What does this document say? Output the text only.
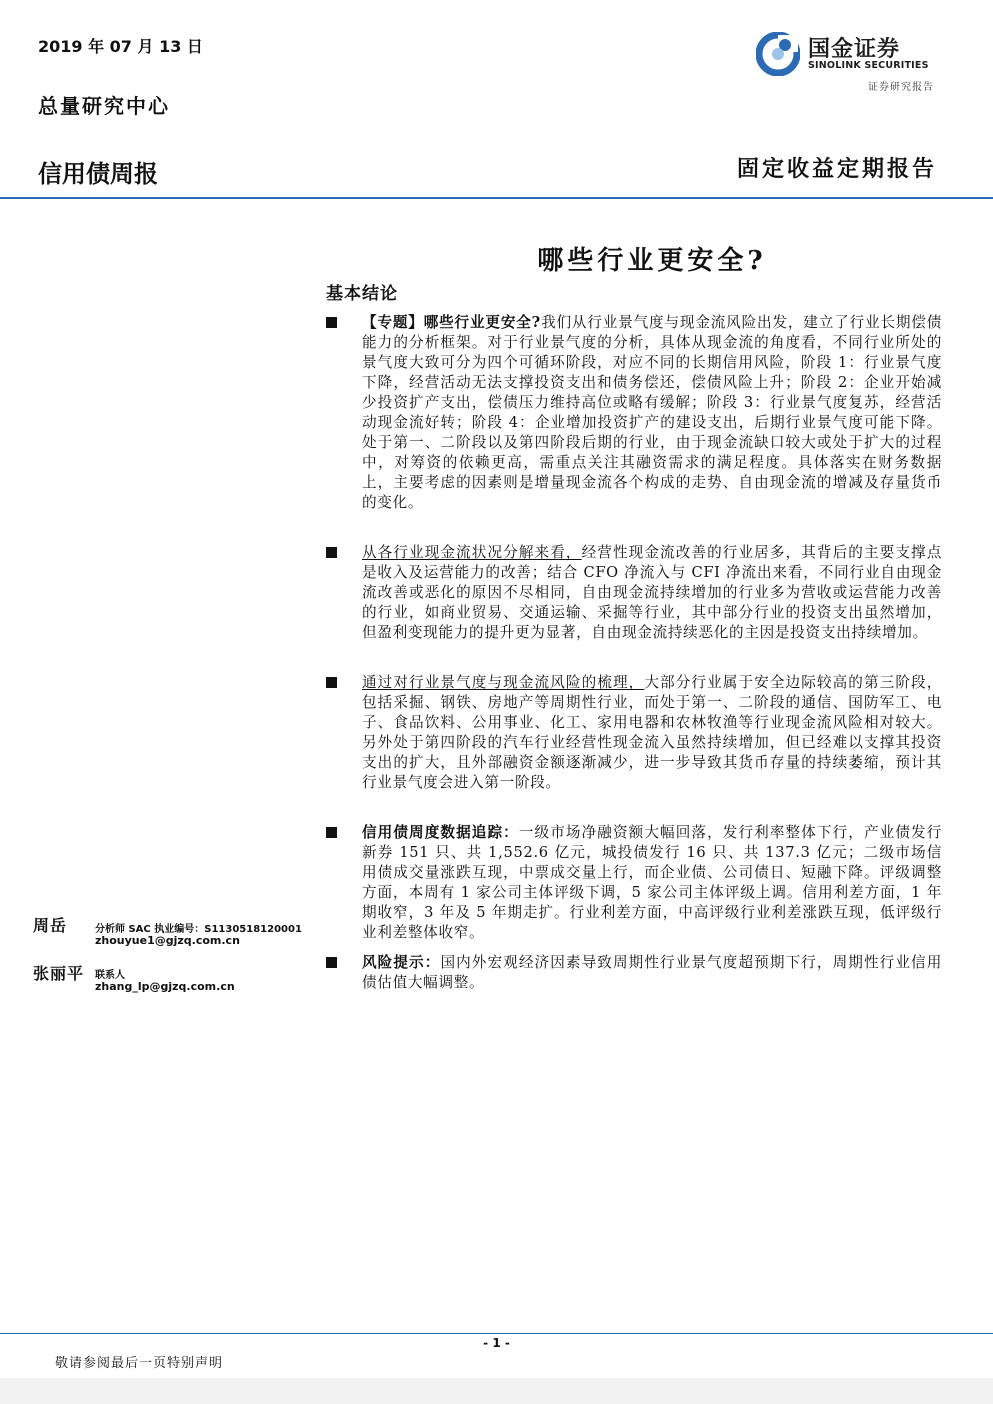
2019 年 07 月 13 日
总量研究中心
信用债周报	固定收益定期报告
国金证券
SINOLINK SECURITIES
证券研究报告
哪些行业更安全?
基本结论
【专题】哪些行业更安全?我们从行业景气度与现金流风险出发，建立了行业长期偿债能力的分析框架。对于行业景气度的分析，具体从现金流的角度看，不同行业所处的景气度大致可分为四个可循环阶段，对应不同的长期信用风险，阶段 1：行业景气度下降，经营活动无法支撑投资支出和债务偿还，偿债风险上升；阶段 2：企业开始减少投资扩产支出，偿债压力维持高位或略有缓解；阶段 3：行业景气度复苏，经营活动现金流好转；阶段 4：企业增加投资扩产的建设支出，后期行业景气度可能下降。处于第一、二阶段以及第四阶段后期的行业，由于现金流缺口较大或处于扩大的过程中，对筹资的依赖更高，需重点关注其融资需求的满足程度。具体落实在财务数据上，主要考虑的因素则是增量现金流各个构成的走势、自由现金流的增减及存量货币的变化。
从各行业现金流状况分解来看，经营性现金流改善的行业居多，其背后的主要支撑点是收入及运营能力的改善；结合 CFO 净流入与 CFI 净流出来看，不同行业自由现金流改善或恶化的原因不尽相同，自由现金流持续增加的行业多为营收或运营能力改善的行业，如商业贸易、交通运输、采掘等行业，其中部分行业的投资支出虽然增加，但盈利变现能力的提升更为显著，自由现金流持续恶化的主因是投资支出持续增加。
通过对行业景气度与现金流风险的梳理，大部分行业属于安全边际较高的第三阶段，包括采掘、钢铁、房地产等周期性行业，而处于第一、二阶段的通信、国防军工、电子、食品饮料、公用事业、化工、家用电器和农林牧渔等行业现金流风险相对较大。另外处于第四阶段的汽车行业经营性现金流入虽然持续增加，但已经难以支撑其投资支出的扩大，且外部融资金额逐渐减少，进一步导致其货币存量的持续萎缩，预计其行业景气度会进入第一阶段。
信用债周度数据追踪：一级市场净融资额大幅回落，发行利率整体下行，产业债发行新券 151 只、共 1,552.6 亿元，城投债发行 16 只、共 137.3 亿元；二级市场信用债成交量涨跌互现，中票成交量上行，而企业债、公司债日、短融下降。评级调整方面，本周有 1 家公司主体评级下调，5 家公司主体评级上调。信用利差方面，1 年期收窄，3 年及 5 年期走扩。行业利差方面，中高评级行业利差涨跌互现，低评级行业利差整体收窄。
风险提示：国内外宏观经济因素导致周期性行业景气度超预期下行，周期性行业信用债估值大幅调整。
周岳	分析师 SAC 执业编号：S1130518120001
zhouyue1@gjzq.com.cn
张丽平 联系人
zhang_lp@gjzq.com.cn
- 1 -
敬请参阅最后一页特别声明
